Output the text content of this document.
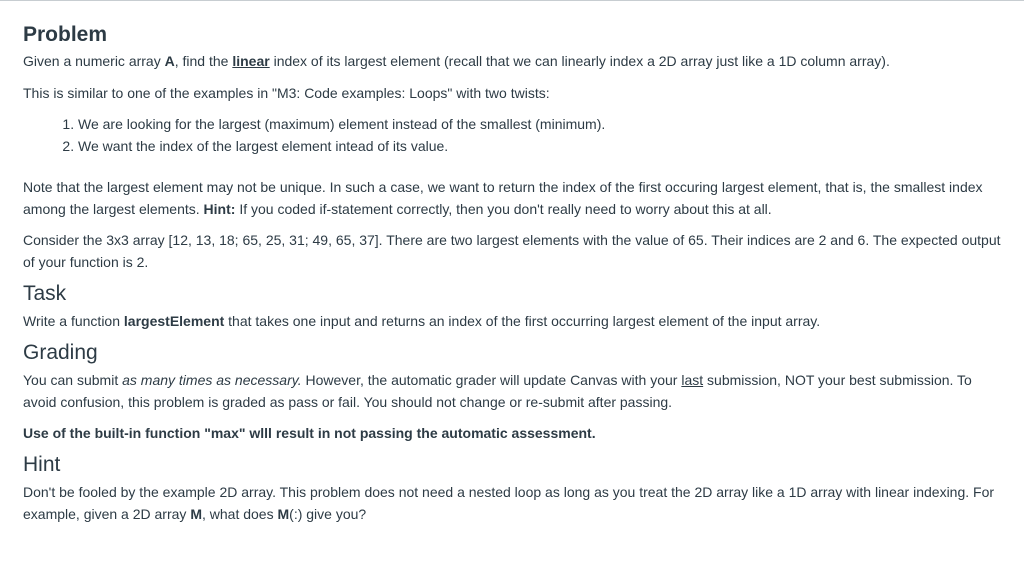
Problem

Given a numeric array A, find the linear index of its largest element (recall that we can linearly index a 2D array just like a 1D column array).

This is similar to one of the examples in "M3: Code examples: Loops" with two twists:

1. We are looking for the largest (maximum) element instead of the smallest (minimum).
2. We want the index of the largest element intead of its value.

Note that the largest element may not be unique. In such a case, we want to return the index of the first occuring largest element, that is, the smallest index among the largest elements. Hint: If you coded if-statement correctly, then you don't really need to worry about this at all.

Consider the 3x3 array [12, 13, 18; 65, 25, 31; 49, 65, 37]. There are two largest elements with the value of 65. Their indices are 2 and 6. The expected output of your function is 2.

Task

Write a function largestElement that takes one input and returns an index of the first occurring largest element of the input array.

Grading

You can submit as many times as necessary. However, the automatic grader will update Canvas with your last submission, NOT your best submission. To avoid confusion, this problem is graded as pass or fail. You should not change or re-submit after passing.

Use of the built-in function "max" wlll result in not passing the automatic assessment.

Hint

Don't be fooled by the example 2D array. This problem does not need a nested loop as long as you treat the 2D array like a 1D array with linear indexing. For example, given a 2D array M, what does M(:) give you?
